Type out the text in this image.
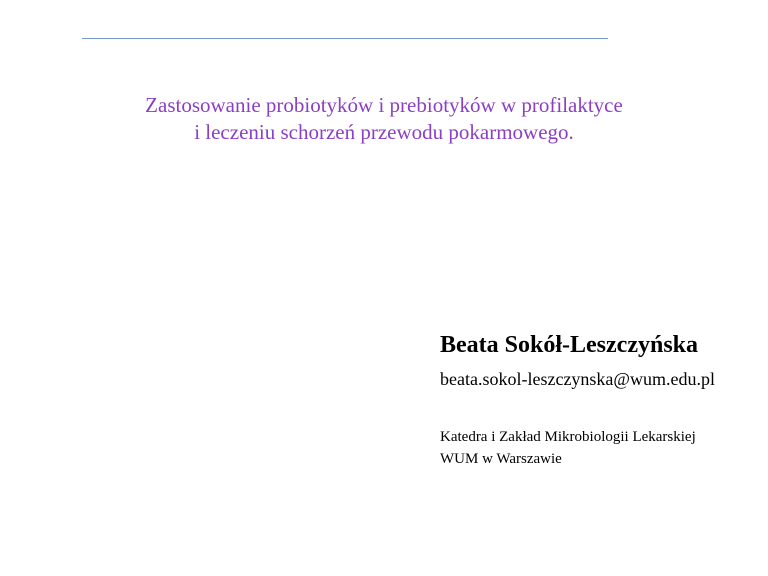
Zastosowanie probiotyków i prebiotyków w profilaktyce
i leczeniu schorzeń przewodu pokarmowego.
Beata Sokół-Leszczyńska
beata.sokol-leszczynska@wum.edu.pl
Katedra i Zakład Mikrobiologii Lekarskiej
WUM w Warszawie
